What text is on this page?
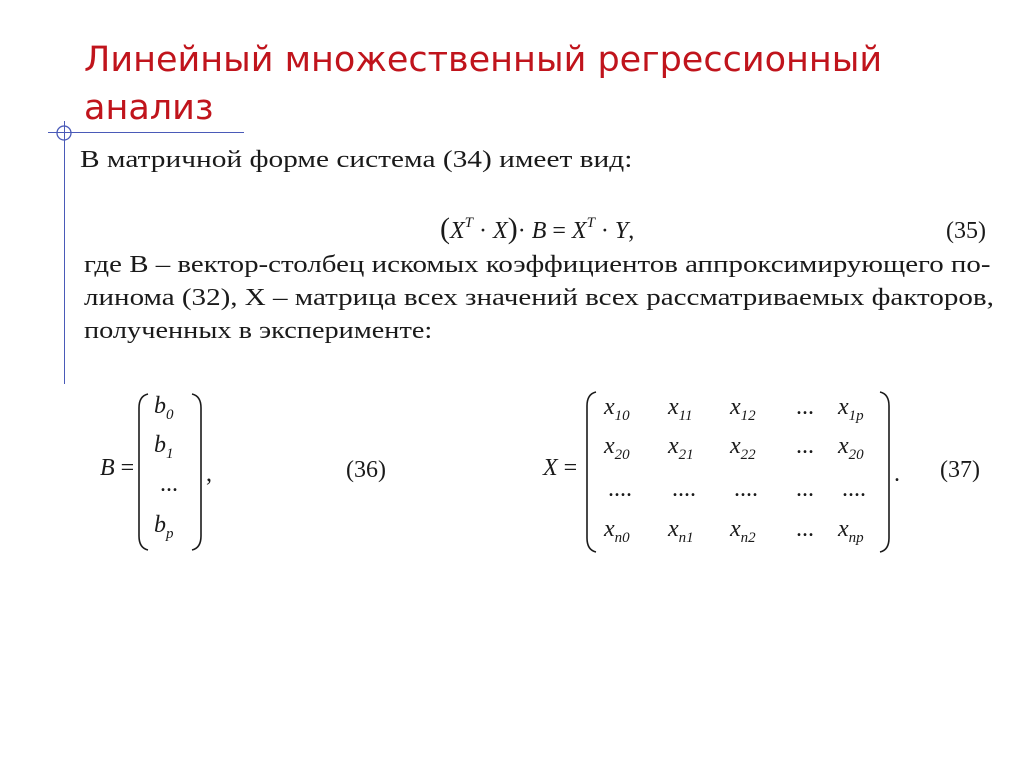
Линейный множественный регрессионный анализ
В матричной форме система (34) имеет вид:
$(X^T \cdot X)\cdot B = X^T \cdot Y$,	(35)
где B – вектор-столбец искомых коэффициентов аппроксимирующего по-
линома (32), X – матрица всех значений всех рассматриваемых факторов,
полученных в эксперименте:
B =
$b_0$
$b_1$
...
$b_p$
,	(36)	X =
$x_{10}$ $x_{11}$ $x_{12}$ ... $x_{1p}$
$x_{20}$ $x_{21}$ $x_{22}$ ... $x_{20}$
.... .... .... ... ....
$x_{n0}$ $x_{n1}$ $x_{n2}$ ... $x_{np}$
. (37)
